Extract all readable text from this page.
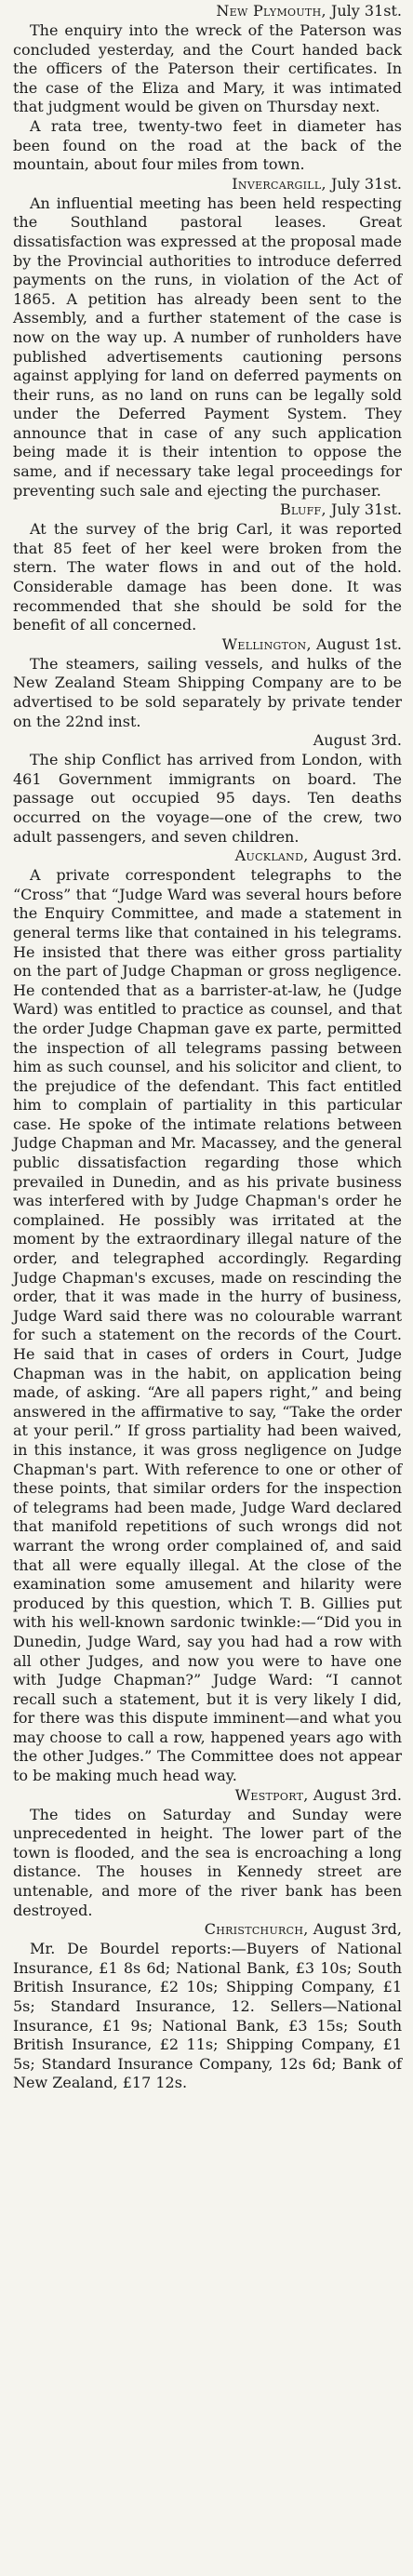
New Plymouth, July 31st.

The enquiry into the wreck of the Paterson was concluded yesterday, and the Court handed back the officers of the Paterson their certificates. In the case of the Eliza and Mary, it was intimated that judgment would be given on Thursday next.

A rata tree, twenty-two feet in diameter has been found on the road at the back of the mountain, about four miles from town.

Invercargill, July 31st.

An influential meeting has been held respecting the Southland pastoral leases. Great dissatisfaction was expressed at the proposal made by the Provincial authorities to introduce deferred payments on the runs, in violation of the Act of 1865. A petition has already been sent to the Assembly, and a further statement of the case is now on the way up. A number of runholders have published advertisements cautioning persons against applying for land on deferred payments on their runs, as no land on runs can be legally sold under the Deferred Payment System. They announce that in case of any such application being made it is their intention to oppose the same, and if necessary take legal proceedings for preventing such sale and ejecting the purchaser.

Bluff, July 31st.

At the survey of the brig Carl, it was reported that 85 feet of her keel were broken from the stern. The water flows in and out of the hold. Considerable damage has been done. It was recommended that she should be sold for the benefit of all concerned.

Wellington, August 1st.

The steamers, sailing vessels, and hulks of the New Zealand Steam Shipping Company are to be advertised to be sold separately by private tender on the 22nd inst.

August 3rd.

The ship Conflict has arrived from London, with 461 Government immigrants on board. The passage out occupied 95 days. Ten deaths occurred on the voyage—one of the crew, two adult passengers, and seven children.

Auckland, August 3rd.

A private correspondent telegraphs to the “Cross” that “Judge Ward was several hours before the Enquiry Committee, and made a statement in general terms like that contained in his telegrams. He insisted that there was either gross partiality on the part of Judge Chapman or gross negligence. He contended that as a barrister-at-law, he (Judge Ward) was entitled to practice as counsel, and that the order Judge Chapman gave ex parte, permitted the inspection of all telegrams passing between him as such counsel, and his solicitor and client, to the prejudice of the defendant. This fact entitled him to complain of partiality in this particular case. He spoke of the intimate relations between Judge Chapman and Mr. Macassey, and the general public dissatisfaction regarding those which prevailed in Dunedin, and as his private business was interfered with by Judge Chapman's order he complained. He possibly was irritated at the moment by the extraordinary illegal nature of the order, and telegraphed accordingly. Regarding Judge Chapman's excuses, made on rescinding the order, that it was made in the hurry of business, Judge Ward said there was no colourable warrant for such a statement on the records of the Court. He said that in cases of orders in Court, Judge Chapman was in the habit, on application being made, of asking. “Are all papers right,” and being answered in the affirmative to say, “Take the order at your peril.” If gross partiality had been waived, in this instance, it was gross negligence on Judge Chapman's part. With reference to one or other of these points, that similar orders for the inspection of telegrams had been made, Judge Ward declared that manifold repetitions of such wrongs did not warrant the wrong order complained of, and said that all were equally illegal. At the close of the examination some amusement and hilarity were produced by this question, which T. B. Gillies put with his well-known sardonic twinkle:—“Did you in Dunedin, Judge Ward, say you had had a row with all other Judges, and now you were to have one with Judge Chapman?” Judge Ward: “I cannot recall such a statement, but it is very likely I did, for there was this dispute imminent—and what you may choose to call a row, happened years ago with the other Judges.” The Committee does not appear to be making much head way.

Westport, August 3rd.

The tides on Saturday and Sunday were unprecedented in height. The lower part of the town is flooded, and the sea is encroaching a long distance. The houses in Kennedy street are untenable, and more of the river bank has been destroyed.

Christchurch, August 3rd,

Mr. De Bourdel reports:—Buyers of National Insurance, £1 8s 6d; National Bank, £3 10s; South British Insurance, £2 10s; Shipping Company, £1 5s; Standard Insurance, 12. Sellers—National Insurance, £1 9s; National Bank, £3 15s; South British Insurance, £2 11s; Shipping Company, £1 5s; Standard Insurance Company, 12s 6d; Bank of New Zealand, £17 12s.
